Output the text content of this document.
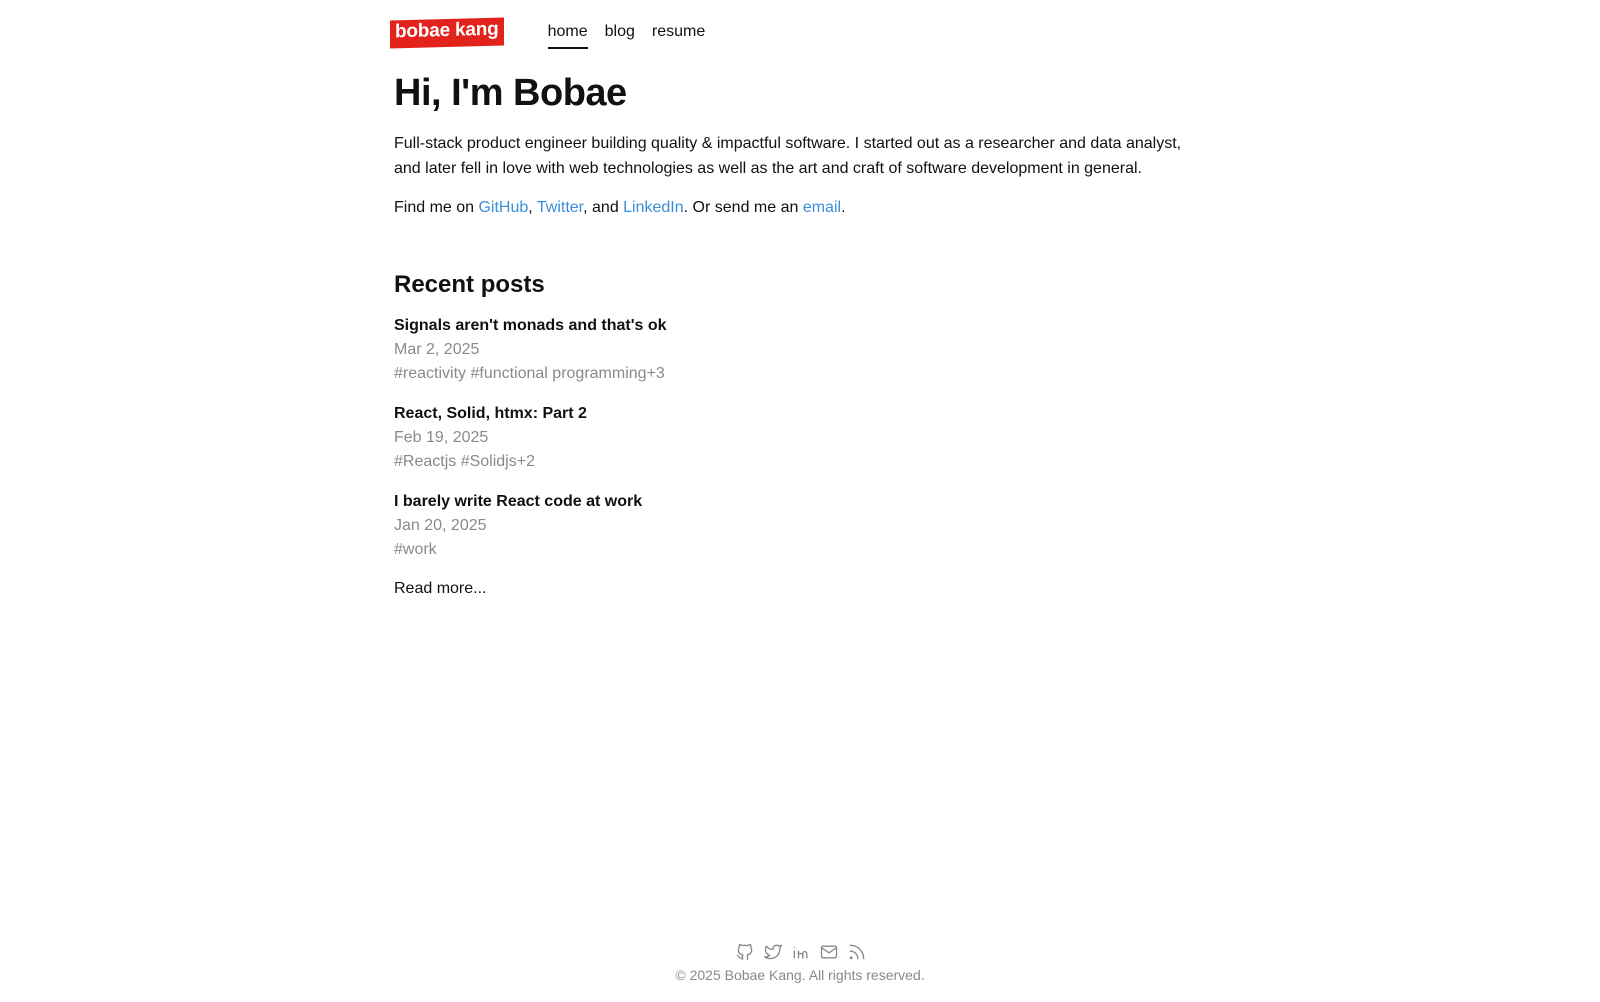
bobae kang	home blog resume
Hi, I'm Bobae

Full-stack product engineer building quality & impactful software. I started out as a researcher and data analyst, and later fell in love with web technologies as well as the art and craft of software development in general.

Find me on GitHub, Twitter, and LinkedIn. Or send me an email.

Recent posts
Signals aren't monads and that's ok
Mar 2, 2025
#reactivity #functional programming+3
React, Solid, htmx: Part 2
Feb 19, 2025
#Reactjs #Solidjs+2
I barely write React code at work
Jan 20, 2025
#work
Read more...

© 2025 Bobae Kang. All rights reserved.
